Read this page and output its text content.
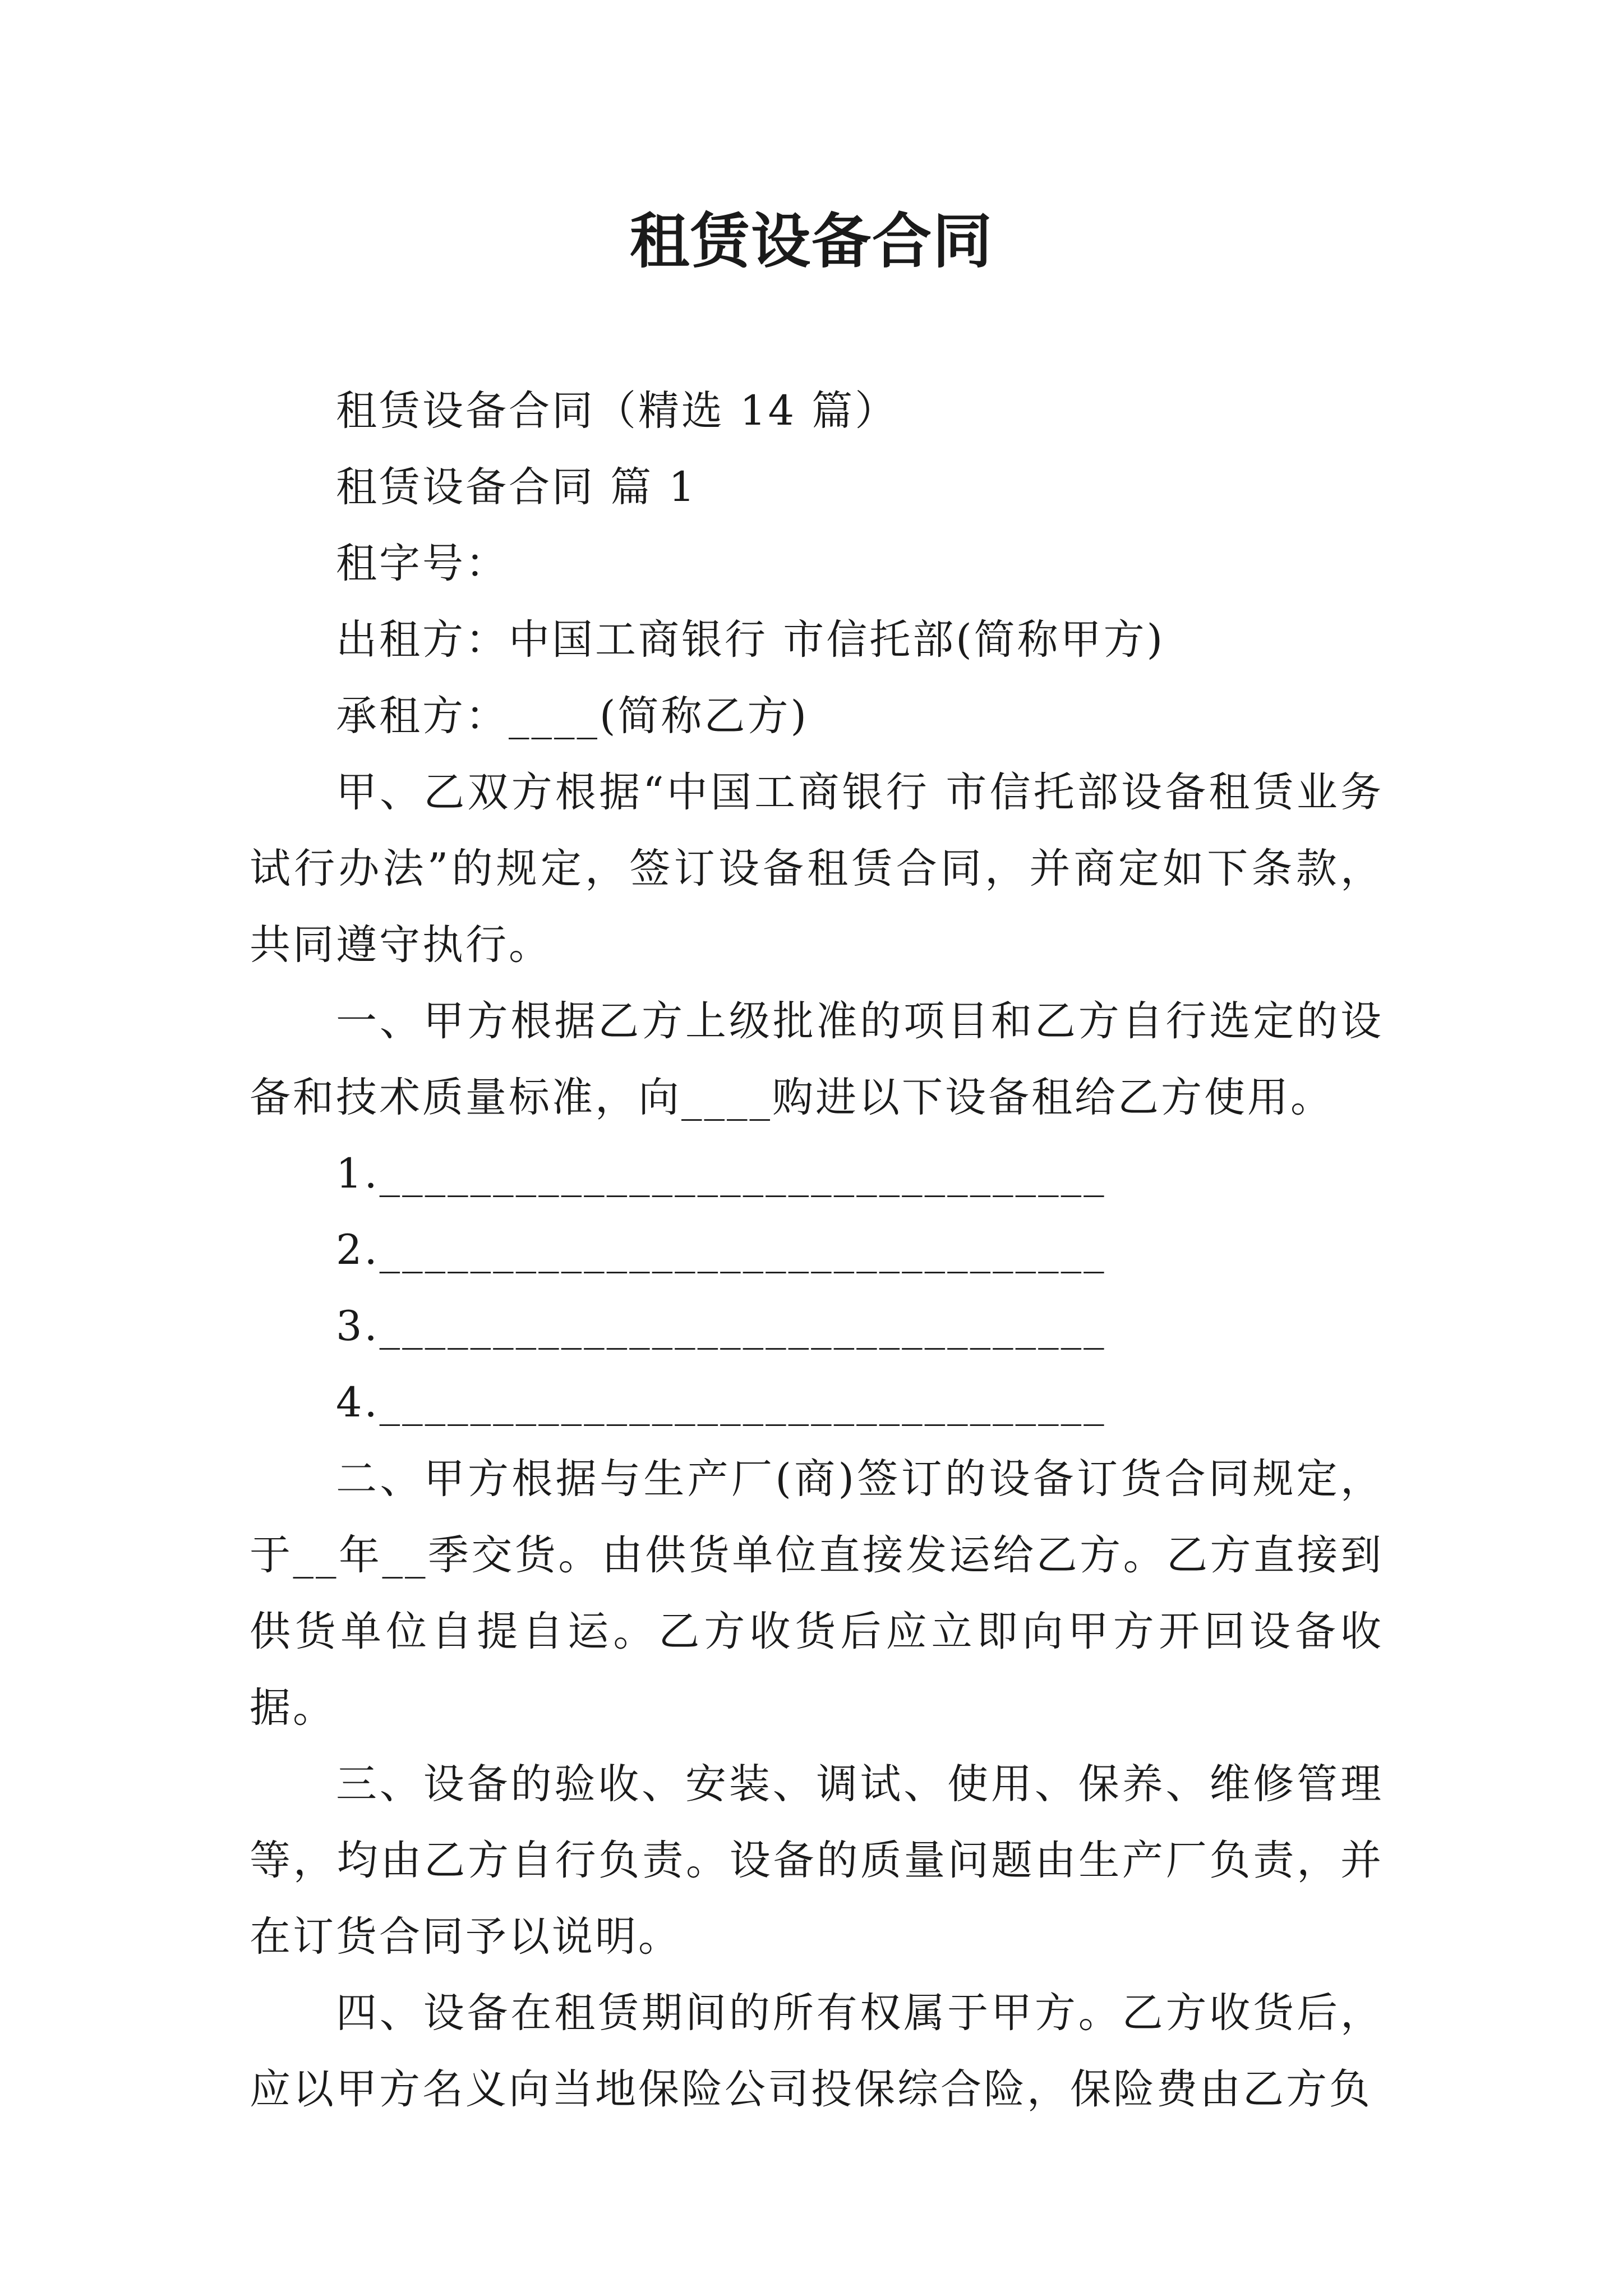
租赁设备合同
租赁设备合同（精选 14 篇）
租赁设备合同 篇 1
租字号：
出租方：中国工商银行 市信托部(简称甲方)
承租方：____(简称乙方)
甲、乙双方根据“中国工商银行 市信托部设备租赁业务试行办法”的规定，签订设备租赁合同，并商定如下条款，共同遵守执行。
一、甲方根据乙方上级批准的项目和乙方自行选定的设备和技术质量标准，向____购进以下设备租给乙方使用。
1.________________________________
2.________________________________
3.________________________________
4.________________________________
二、甲方根据与生产厂(商)签订的设备订货合同规定，于__年__季交货。由供货单位直接发运给乙方。乙方直接到供货单位自提自运。乙方收货后应立即向甲方开回设备收据。
三、设备的验收、安装、调试、使用、保养、维修管理等，均由乙方自行负责。设备的质量问题由生产厂负责，并在订货合同予以说明。
四、设备在租赁期间的所有权属于甲方。乙方收货后，应以甲方名义向当地保险公司投保综合险，保险费由乙方负
